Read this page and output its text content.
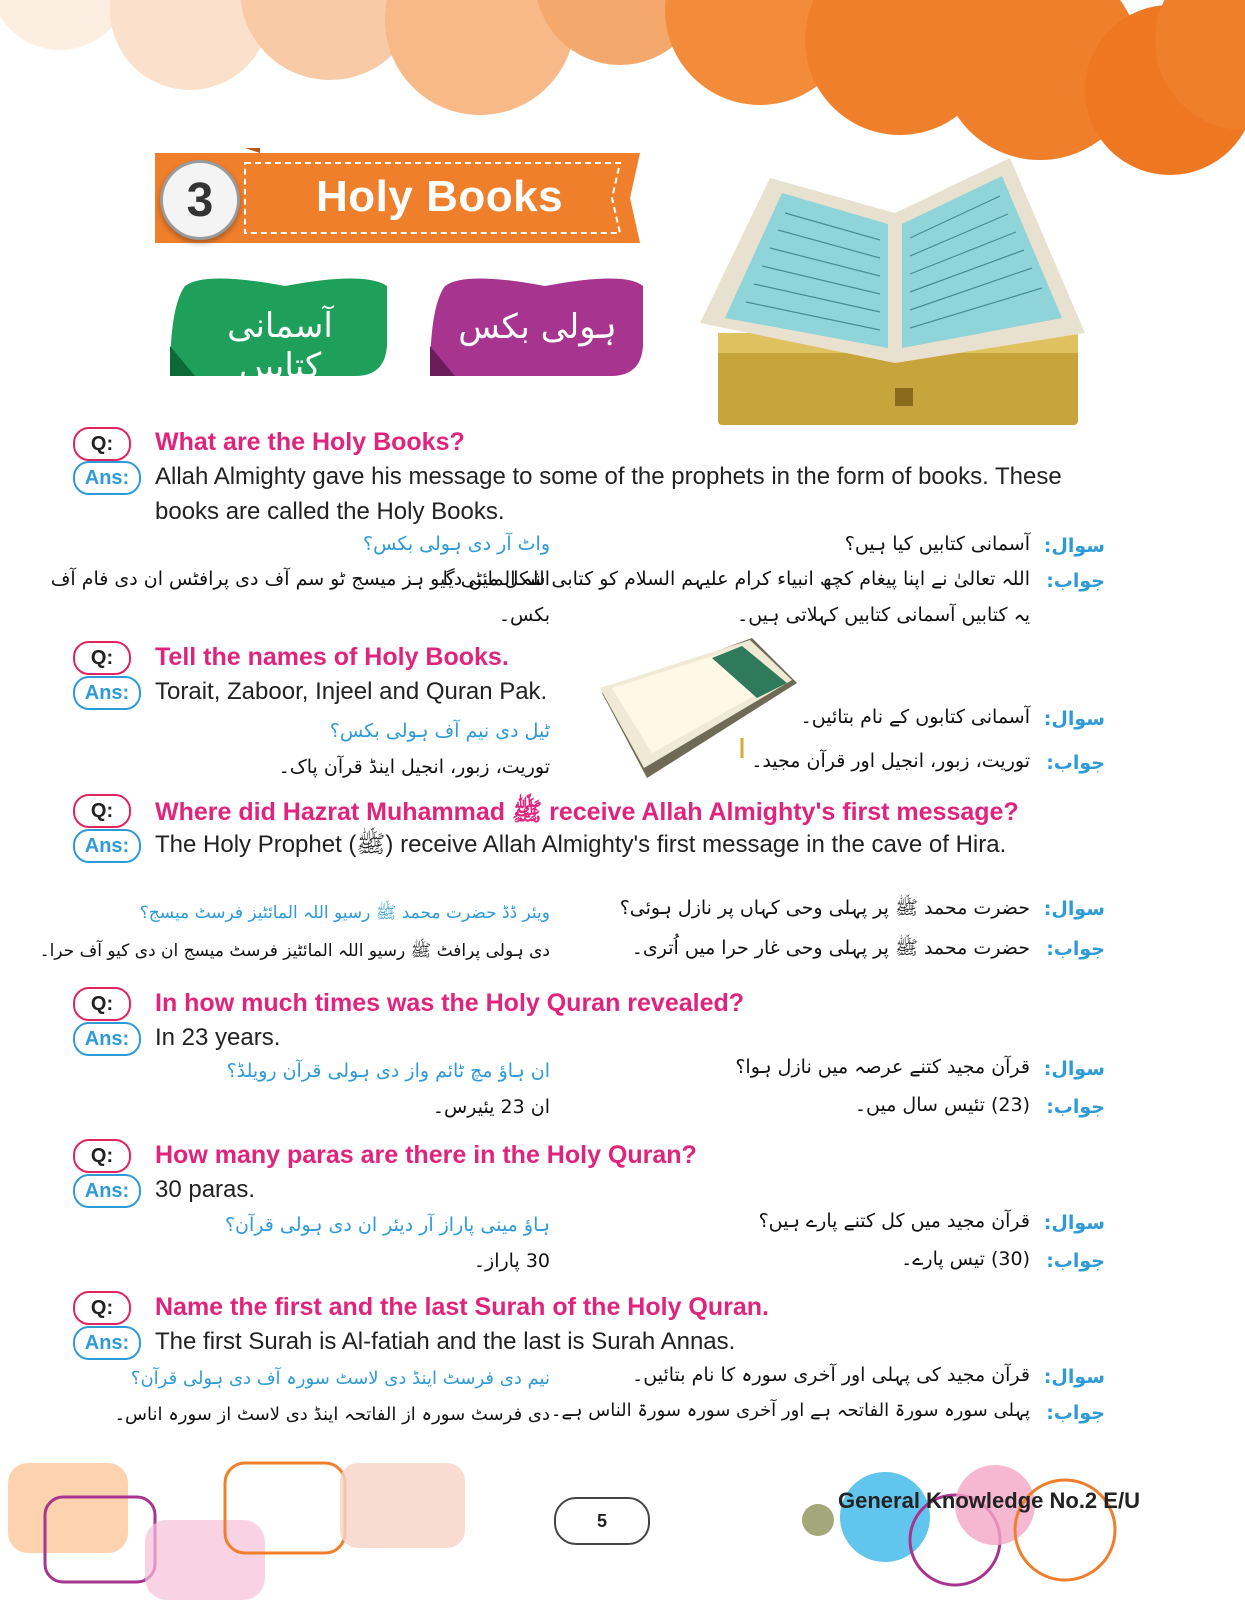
3	Holy Books
آسمانی کتابیں
ہولی بکس
Q:	What are the Holy Books?
Ans:	Allah Almighty gave his message to some of the prophets in the form of books. These books are called the Holy Books.
سوال:
آسمانی کتابیں کیا ہیں؟
جواب:
اللہ تعالیٰ نے اپنا پیغام کچھ انبیاء کرام علیہم السلام کو کتابی شکل میں دیا۔
یہ کتابیں آسمانی کتابیں کہلاتی ہیں۔
واٹ آر دی ہولی بکس؟
اللہ المائٹی گیو ہز میسج ٹو سم آف دی پرافٹس ان دی فام آف
بکس۔
Q:	Tell the names of Holy Books.
Ans:	Torait, Zaboor, Injeel and Quran Pak.
سوال:
آسمانی کتابوں کے نام بتائیں۔
جواب:
توریت، زبور، انجیل اور قرآن مجید۔
ٹیل دی نیم آف ہولی بکس؟
توریت، زبور، انجیل اینڈ قرآن پاک۔
Q:	Where did Hazrat Muhammad ﷺ receive Allah Almighty's first message?
Ans:	The Holy Prophet (ﷺ) receive Allah Almighty's first message in the cave of Hira.
سوال:
حضرت محمد ﷺ پر پہلی وحی کہاں پر نازل ہوئی؟
جواب:
حضرت محمد ﷺ پر پہلی وحی غار حرا میں اُتری۔
ویئر ڈڈ حضرت محمد ﷺ رسیو اللہ المائٹیز فرسٹ میسج؟
دی ہولی پرافٹ ﷺ رسیو اللہ المائٹیز فرسٹ میسج ان دی کیو آف حرا۔
Q:	In how much times was the Holy Quran revealed?
Ans:	In 23 years.
سوال:
قرآن مجید کتنے عرصہ میں نازل ہوا؟
جواب:
(23) تئیس سال میں۔
ان ہاؤ مچ ٹائم واز دی ہولی قرآن رویلڈ؟
ان 23 یئیرس۔
Q:	How many paras are there in the Holy Quran?
Ans:	30 paras.
سوال:
قرآن مجید میں کل کتنے پارے ہیں؟
جواب:
(30) تیس پارے۔
ہاؤ مینی پاراز آر دیئر ان دی ہولی قرآن؟
30 پاراز۔
Q:	Name the first and the last Surah of the Holy Quran.
Ans:	The first Surah is Al-fatiah and the last is Surah Annas.
سوال:
قرآن مجید کی پہلی اور آخری سورہ کا نام بتائیں۔
جواب:
پہلی سورہ سورۃ الفاتحہ ہے اور آخری سورہ سورۃ الناس ہے۔
نیم دی فرسٹ اینڈ دی لاسٹ سورہ آف دی ہولی قرآن؟
دی فرسٹ سورہ از الفاتحہ اینڈ دی لاسٹ از سورہ اناس۔
5
General Knowledge No.2 E/U
